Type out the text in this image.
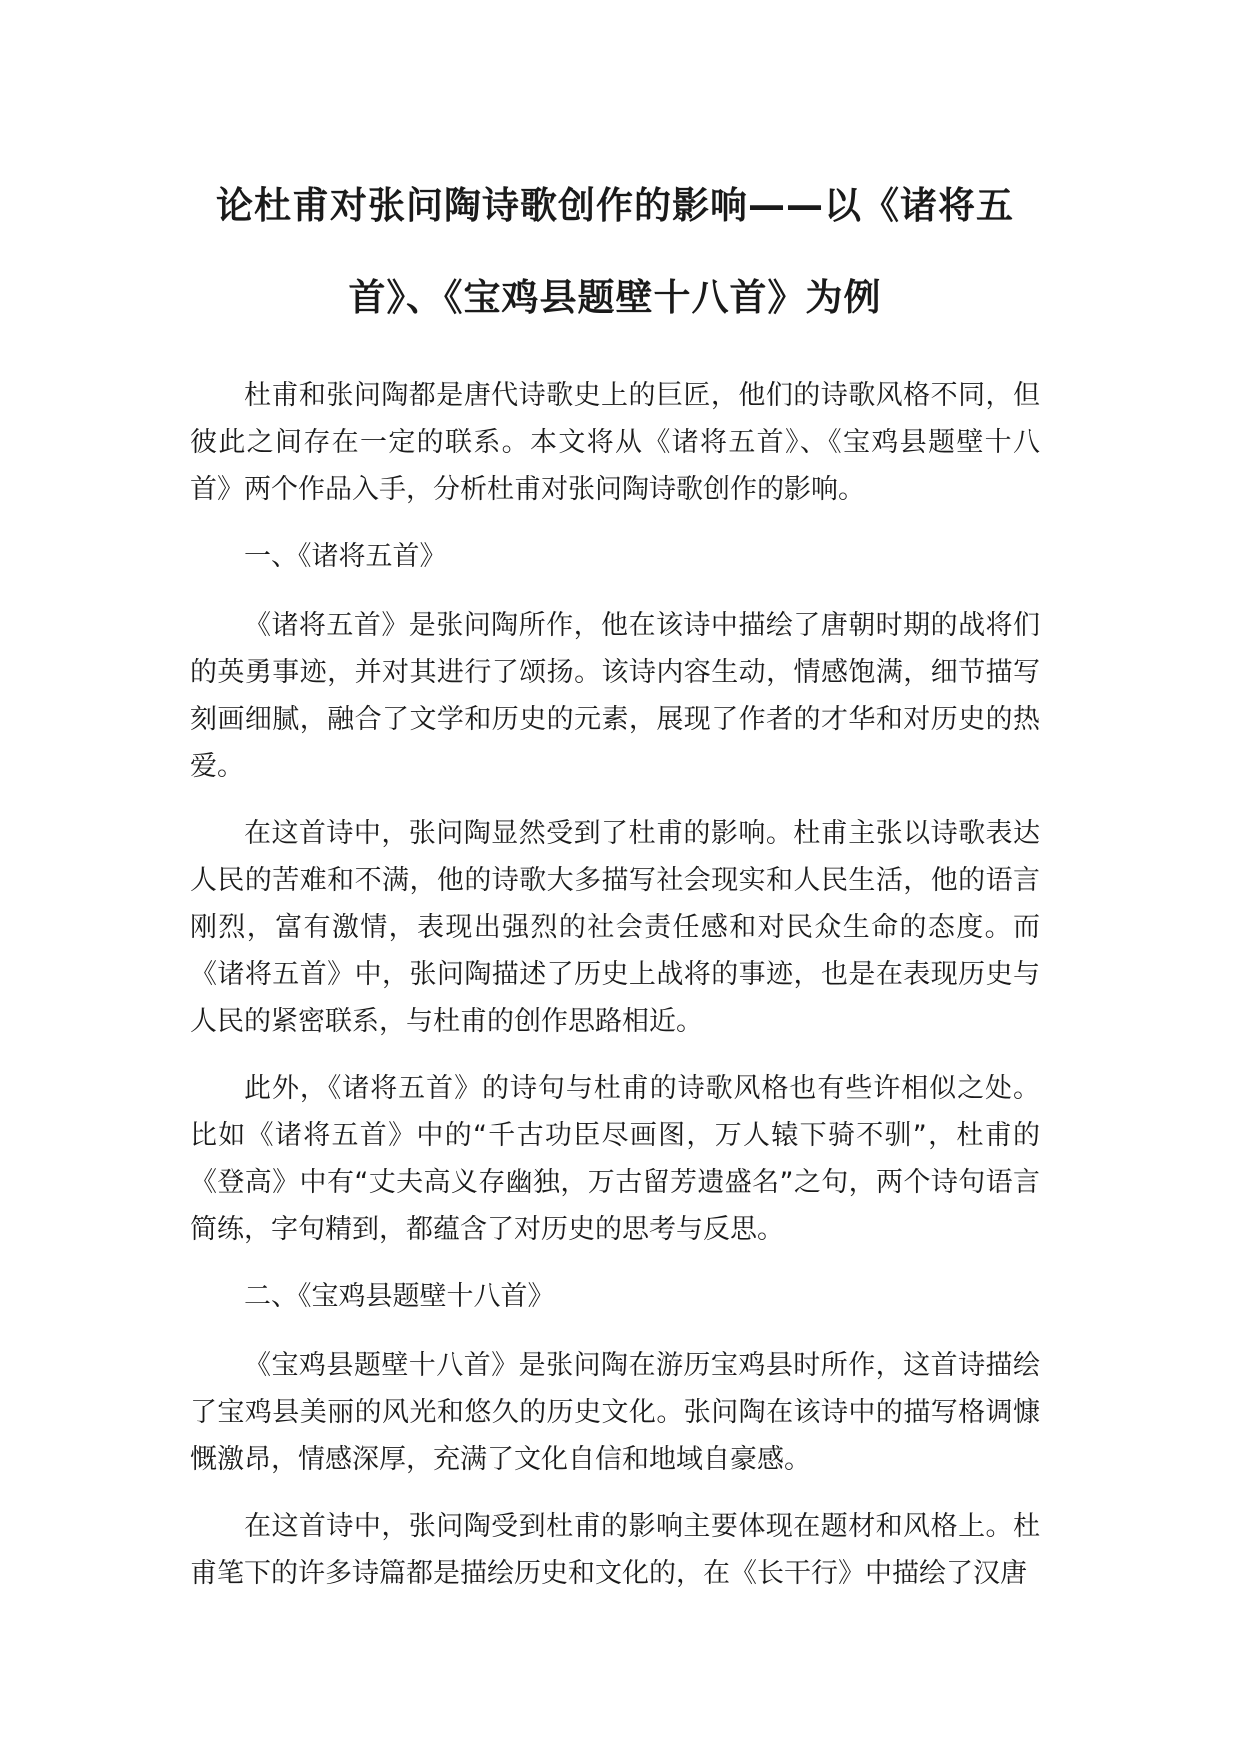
论杜甫对张问陶诗歌创作的影响——以《诸将五首》、《宝鸡县题壁十八首》为例

杜甫和张问陶都是唐代诗歌史上的巨匠，他们的诗歌风格不同，但彼此之间存在一定的联系。本文将从《诸将五首》、《宝鸡县题壁十八首》两个作品入手，分析杜甫对张问陶诗歌创作的影响。

一、《诸将五首》

《诸将五首》是张问陶所作，他在该诗中描绘了唐朝时期的战将们的英勇事迹，并对其进行了颂扬。该诗内容生动，情感饱满，细节描写刻画细腻，融合了文学和历史的元素，展现了作者的才华和对历史的热爱。

在这首诗中，张问陶显然受到了杜甫的影响。杜甫主张以诗歌表达人民的苦难和不满，他的诗歌大多描写社会现实和人民生活，他的语言刚烈，富有激情，表现出强烈的社会责任感和对民众生命的态度。而《诸将五首》中，张问陶描述了历史上战将的事迹，也是在表现历史与人民的紧密联系，与杜甫的创作思路相近。

此外，《诸将五首》的诗句与杜甫的诗歌风格也有些许相似之处。比如《诸将五首》中的“千古功臣尽画图，万人辕下骑不驯”，杜甫的《登高》中有“丈夫高义存幽独，万古留芳遗盛名”之句，两个诗句语言简练，字句精到，都蕴含了对历史的思考与反思。

二、《宝鸡县题壁十八首》

《宝鸡县题壁十八首》是张问陶在游历宝鸡县时所作，这首诗描绘了宝鸡县美丽的风光和悠久的历史文化。张问陶在该诗中的描写格调慷慨激昂，情感深厚，充满了文化自信和地域自豪感。

在这首诗中，张问陶受到杜甫的影响主要体现在题材和风格上。杜甫笔下的许多诗篇都是描绘历史和文化的，在《长干行》中描绘了汉唐
